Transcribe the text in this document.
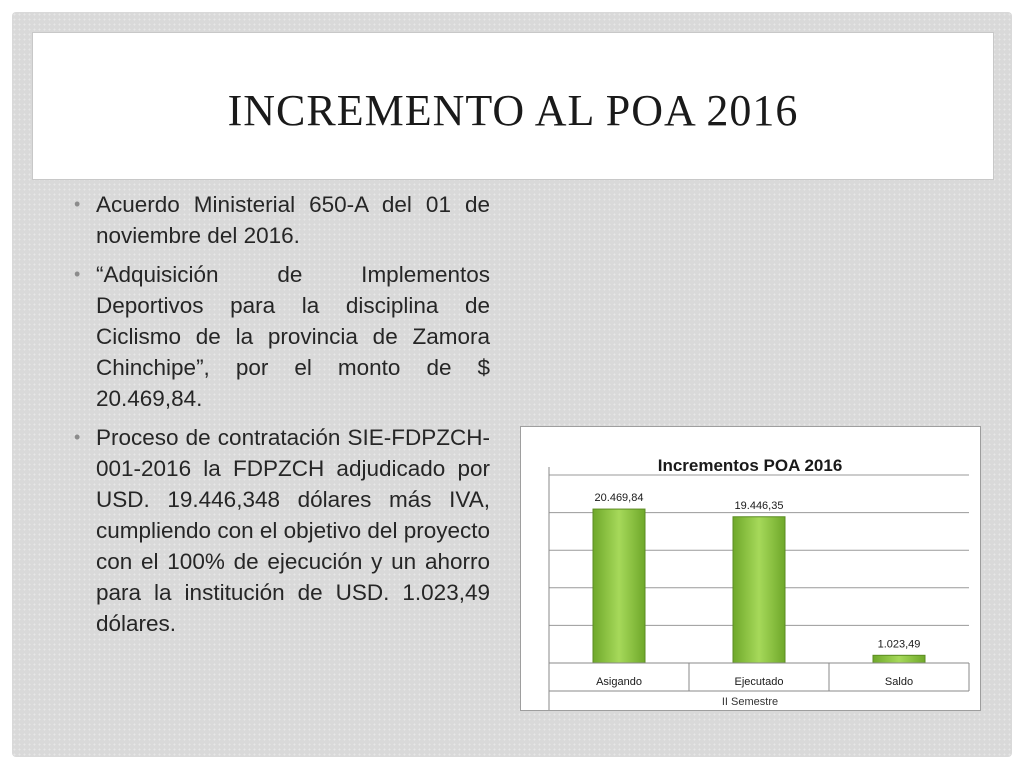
INCREMENTO AL POA 2016
• Acuerdo Ministerial 650-A del 01 de noviembre del 2016.
• “Adquisición de Implementos Deportivos para la disciplina de Ciclismo de la provincia de Zamora Chinchipe”, por el monto de $ 20.469,84.
• Proceso de contratación SIE-FDPZCH-001-2016 la FDPZCH adjudicado por USD. 19.446,348 dólares más IVA, cumpliendo con el objetivo del proyecto con el 100% de ejecución y un ahorro para la institución de USD. 1.023,49 dólares.
Incrementos POA 2016
20.469,84
Asigando
19.446,35
Ejecutado
1.023,49
Saldo
II Semestre
